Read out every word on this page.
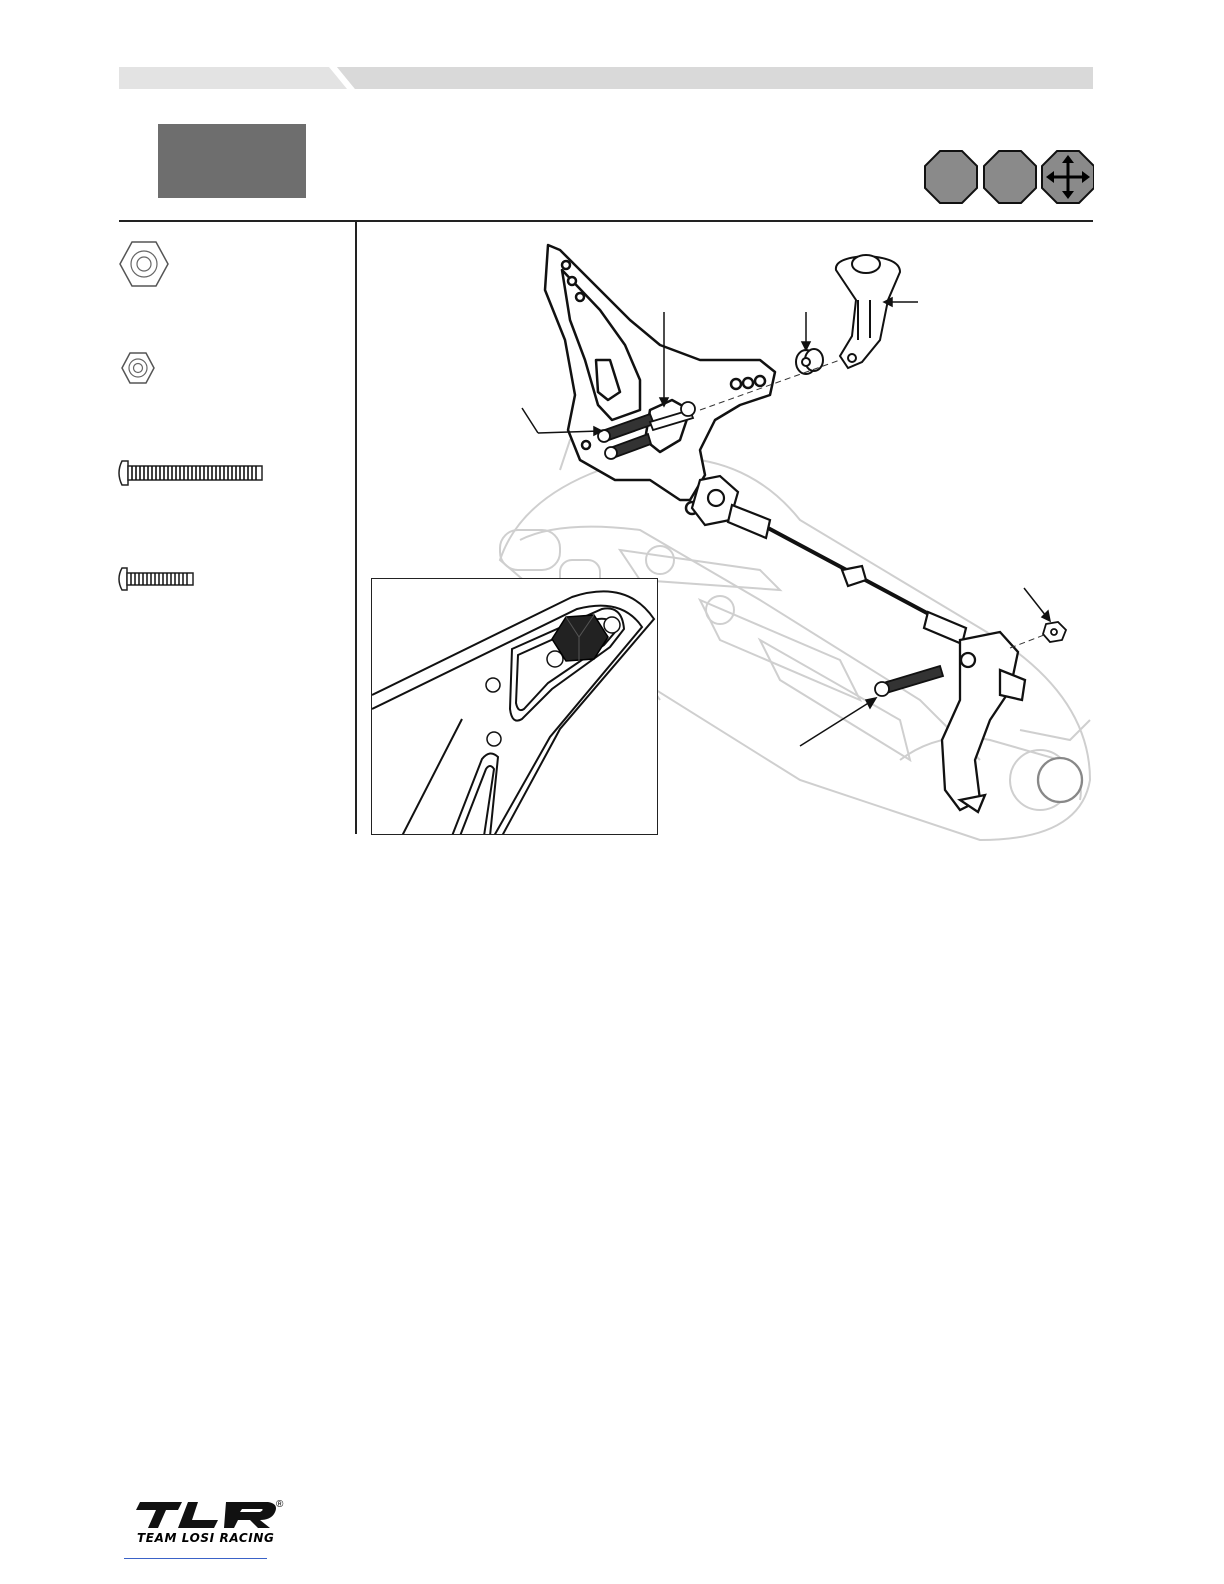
TEAM LOSI RACING
®
